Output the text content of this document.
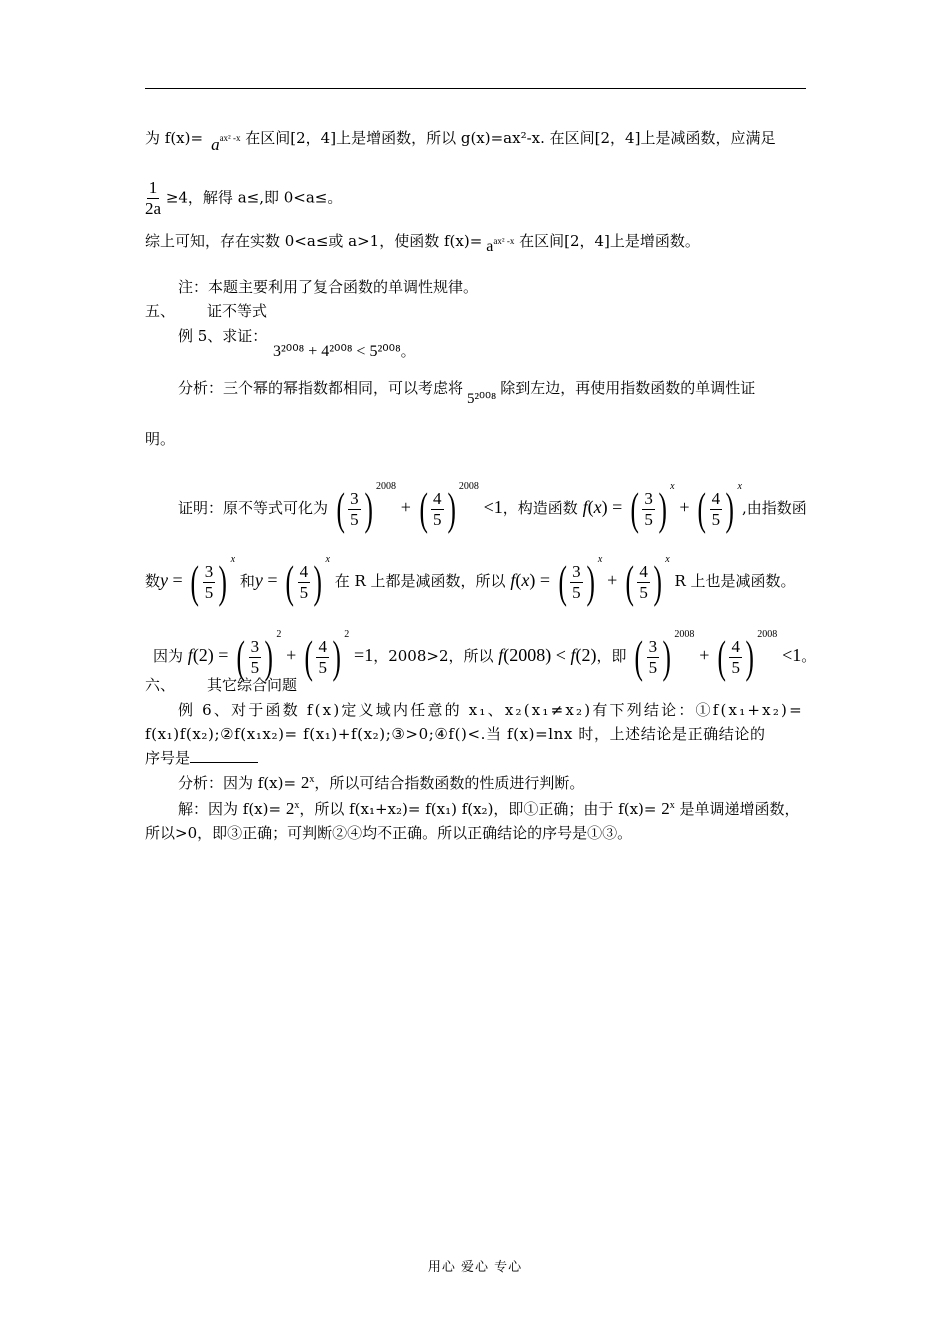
为 f(x)= aax² -x 在区间[2，4]上是增函数，所以 g(x)=ax²-x. 在区间[2，4]上是减函数，应满足
$\frac{1}{2a} \ge 4$，解得 a≤,即 0<a≤。
综上可知，存在实数 0<a≤或 a>1，使函数 f(x)= aax² -x 在区间[2，4]上是增函数。
注：本题主要利用了复合函数的单调性规律。
五、 证不等式
例 5、求证：
3²⁰⁰⁸ + 4²⁰⁰⁸ < 5²⁰⁰⁸。
分析：三个幂的幂指数都相同，可以考虑将5²⁰⁰⁸除到左边，再使用指数函数的单调性证
明。
证明：原不等式可化为 ( $\frac{3}{5}$ ) $^{2008}$ + ( $\frac{4}{5}$ ) $^{2008}$ <1，构造函数 f(x) = ( $\frac{3}{5}$ ) $^x$ + ( $\frac{4}{5}$ ) $^x$,由指数函
数y = ( $\frac{3}{5}$ ) $^x$ 和y = ( $\frac{4}{5}$ ) $^x$ 在 R 上都是减函数，所以 f(x) = ( $\frac{3}{5}$ ) $^x$ + ( $\frac{4}{5}$ ) $^x$ R 上也是减函数。
因为 f(2) = ( $\frac{3}{5}$ ) $^2$ + ( $\frac{4}{5}$ ) $^2$ =1，2008>2，所以 f(2008) < f(2)，即 ( $\frac{3}{5}$ ) $^{2008}$ + ( $\frac{4}{5}$ ) $^{2008}$ <1。
六、 其它综合问题
例 6、对于函数 f(x)定义域内任意的 x₁、x₂(x₁≠x₂)有下列结论：①f(x₁+x₂)=
f(x₁)f(x₂);②f(x₁x₂)= f(x₁)+f(x₂);③>0;④f()<.当 f(x)=lnx 时，上述结论是正确结论的
序号是
分析：因为 $f(x)= 2^x$，所以可结合指数函数的性质进行判断。
解：因为 $f(x)= 2^x$，所以 f(x₁+x₂)= f(x₁) f(x₂)，即①正确；由于 $f(x)= 2^x$ 是单调递增函数，
所以>0，即③正确；可判断②④均不正确。所以正确结论的序号是①③。
用心 爱心 专心
